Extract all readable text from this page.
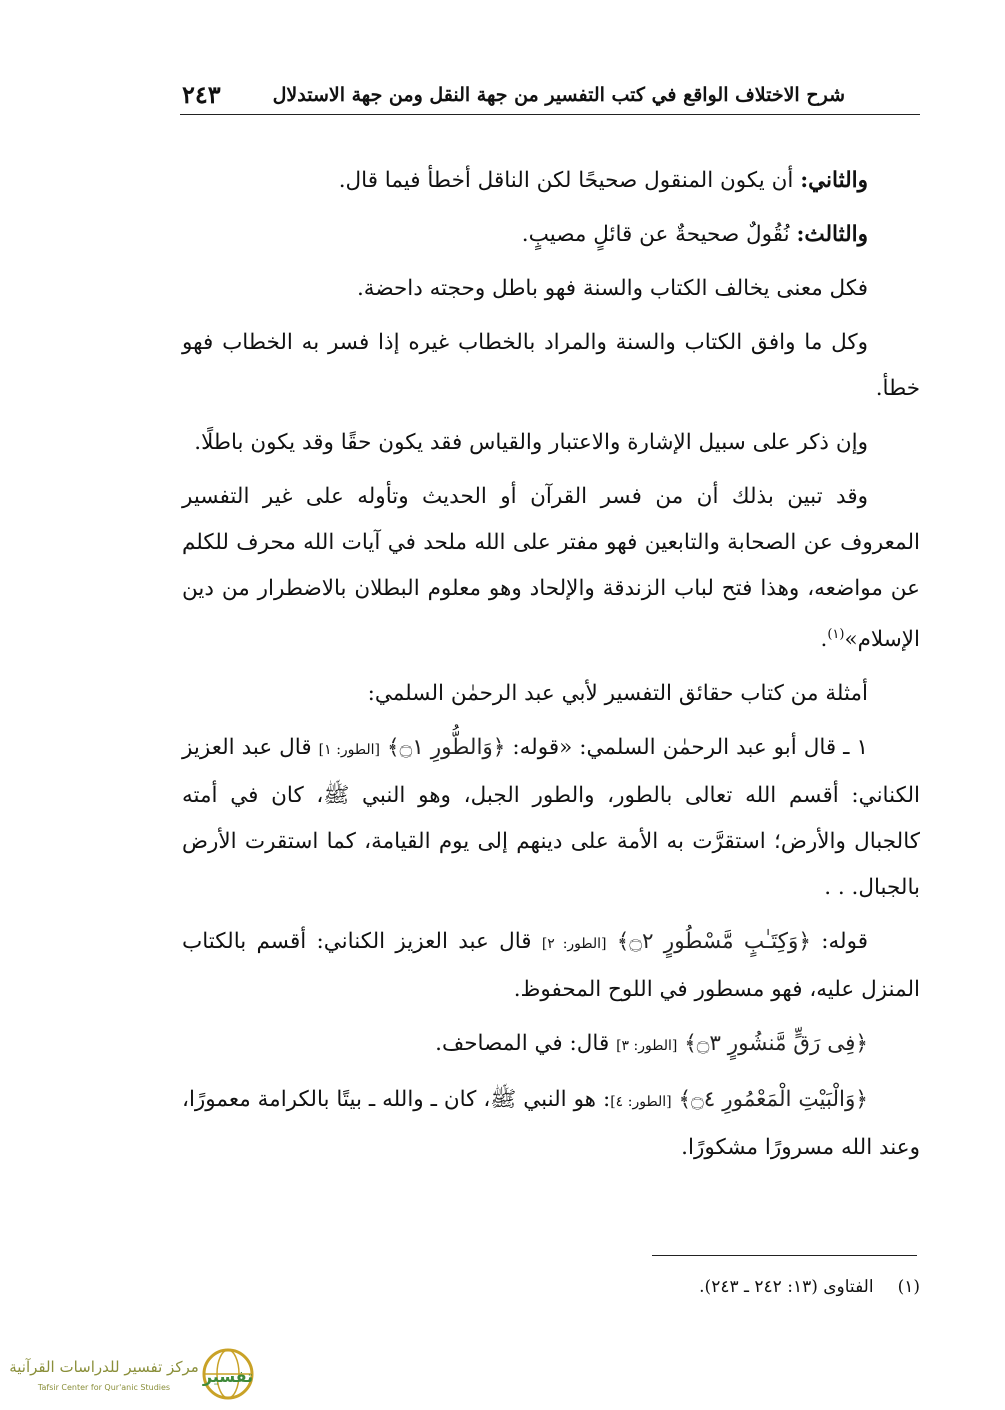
شرح الاختلاف الواقع في كتب التفسير من جهة النقل ومن جهة الاستدلال
٢٤٣

والثاني: أن يكون المنقول صحيحًا لكن الناقل أخطأ فيما قال.

والثالث: نُقُولٌ صحيحةٌ عن قائلٍ مصيبٍ.

فكل معنى يخالف الكتاب والسنة فهو باطل وحجته داحضة.

وكل ما وافق الكتاب والسنة والمراد بالخطاب غيره إذا فسر به الخطاب فهو خطأ.

وإن ذكر على سبيل الإشارة والاعتبار والقياس فقد يكون حقًا وقد يكون باطلًا.

وقد تبين بذلك أن من فسر القرآن أو الحديث وتأوله على غير التفسير المعروف عن الصحابة والتابعين فهو مفتر على الله ملحد في آيات الله محرف للكلم عن مواضعه، وهذا فتح لباب الزندقة والإلحاد وهو معلوم البطلان بالاضطرار من دين الإسلام»$^{(١)}$.

أمثلة من كتاب حقائق التفسير لأبي عبد الرحمٰن السلمي:

١ ـ قال أبو عبد الرحمٰن السلمي: «قوله: ﴿وَالطُّورِ ۝١﴾ [الطور: ١] قال عبد العزيز الكناني: أقسم الله تعالى بالطور، والطور الجبل، وهو النبي ﷺ، كان في أمته كالجبال والأرض؛ استقرَّت به الأمة على دينهم إلى يوم القيامة، كما استقرت الأرض بالجبال. . .

قوله: ﴿وَكِتَـٰبٍ مَّسْطُورٍ ۝٢﴾ [الطور: ٢] قال عبد العزيز الكناني: أقسم بالكتاب المنزل عليه، فهو مسطور في اللوح المحفوظ.

﴿فِى رَقٍّ مَّنشُورٍ ۝٣﴾ [الطور: ٣] قال: في المصاحف.

﴿وَالْبَيْتِ الْمَعْمُورِ ۝٤﴾ [الطور: ٤]: هو النبي ﷺ، كان ـ والله ـ بيتًا بالكرامة معمورًا، وعند الله مسرورًا مشكورًا.

(١)الفتاوى (١٣: ٢٤٢ ـ ٢٤٣).
تفسير
مركز تفسير للدراسات القرآنية
Tafsir Center for Qur'anic Studies
